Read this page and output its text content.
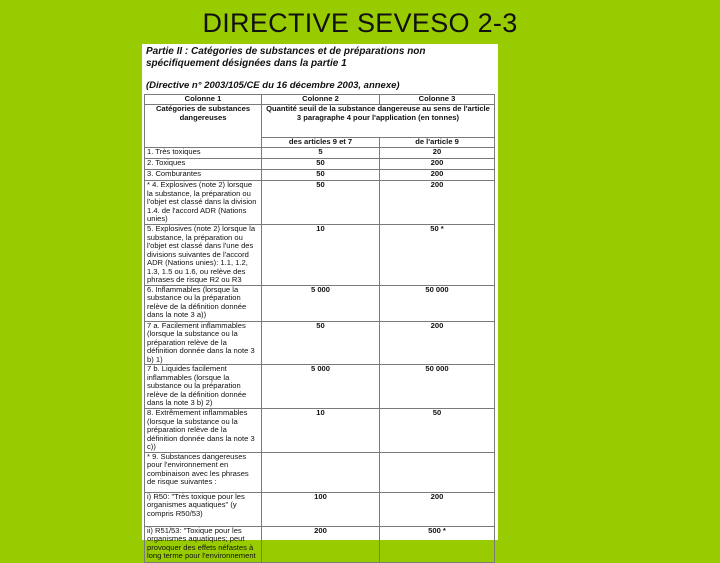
DIRECTIVE SEVESO 2-3
Partie II : Catégories de substances et de préparations non spécifiquement désignées dans la partie 1
(Directive n° 2003/105/CE du 16 décembre 2003, annexe)
Colonne 1	Colonne 2	Colonne 3
Catégories de substances dangereuses	Quantité seuil de la substance dangereuse au sens de l'article 3 paragraphe 4 pour l'application (en tonnes)	
	des articles 9 et 7	de l'article 9
1. Très toxiques	5	20
2. Toxiques	50	200
3. Comburantes	50	200
* 4. Explosives (note 2) lorsque la substance, la préparation ou l'objet est classé dans la division 1.4. de l'accord ADR (Nations unies)	50	200
5. Explosives (note 2) lorsque la substance, la préparation ou l'objet est classé dans l'une des divisions suivantes de l'accord ADR (Nations unies): 1.1, 1.2, 1.3, 1.5 ou 1.6, ou relève des phrases de risque R2 ou R3	10	50 *
6. Inflammables (lorsque la substance ou la préparation relève de la définition donnée dans la note 3 a))	5 000	50 000
7 a. Facilement inflammables (lorsque la substance ou la préparation relève de la définition donnée dans la note 3 b) 1)	50	200
7 b. Liquides facilement inflammables (lorsque la substance ou la préparation relève de la définition donnée dans la note 3 b) 2)	5 000	50 000
8. Extrêmement inflammables (lorsque la substance ou la préparation relève de la définition donnée dans la note 3 c))	10	50
* 9. Substances dangereuses pour l'environnement en combinaison avec les phrases de risque suivantes :		
i) R50: "Très toxique pour les organismes aquatiques" (y compris R50/53)	100	200
ii) R51/53: "Toxique pour les organismes aquatiques; peut provoquer des effets néfastes à long terme pour l'environnement	200	500 *
